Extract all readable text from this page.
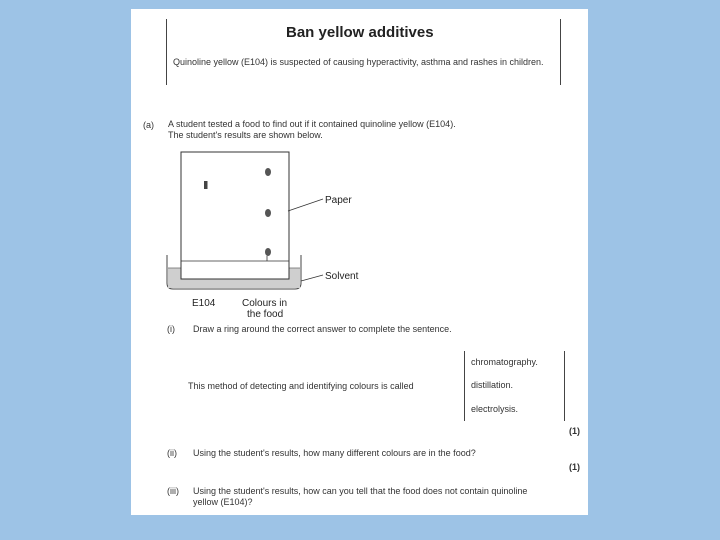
Ban yellow additives
Quinoline yellow (E104) is suspected of causing hyperactivity, asthma and rashes in children.
(a) A student tested a food to find out if it contained quinoline yellow (E104).
The student's results are shown below.
Paper
Solvent
E104	Colours in
the food
(i) Draw a ring around the correct answer to complete the sentence.
This method of detecting and identifying colours is called
chromatography.
distillation.
electrolysis.
(1)
(ii) Using the student's results, how many different colours are in the food?
(1)
(iii) Using the student's results, how can you tell that the food does not contain quinoline
yellow (E104)?
